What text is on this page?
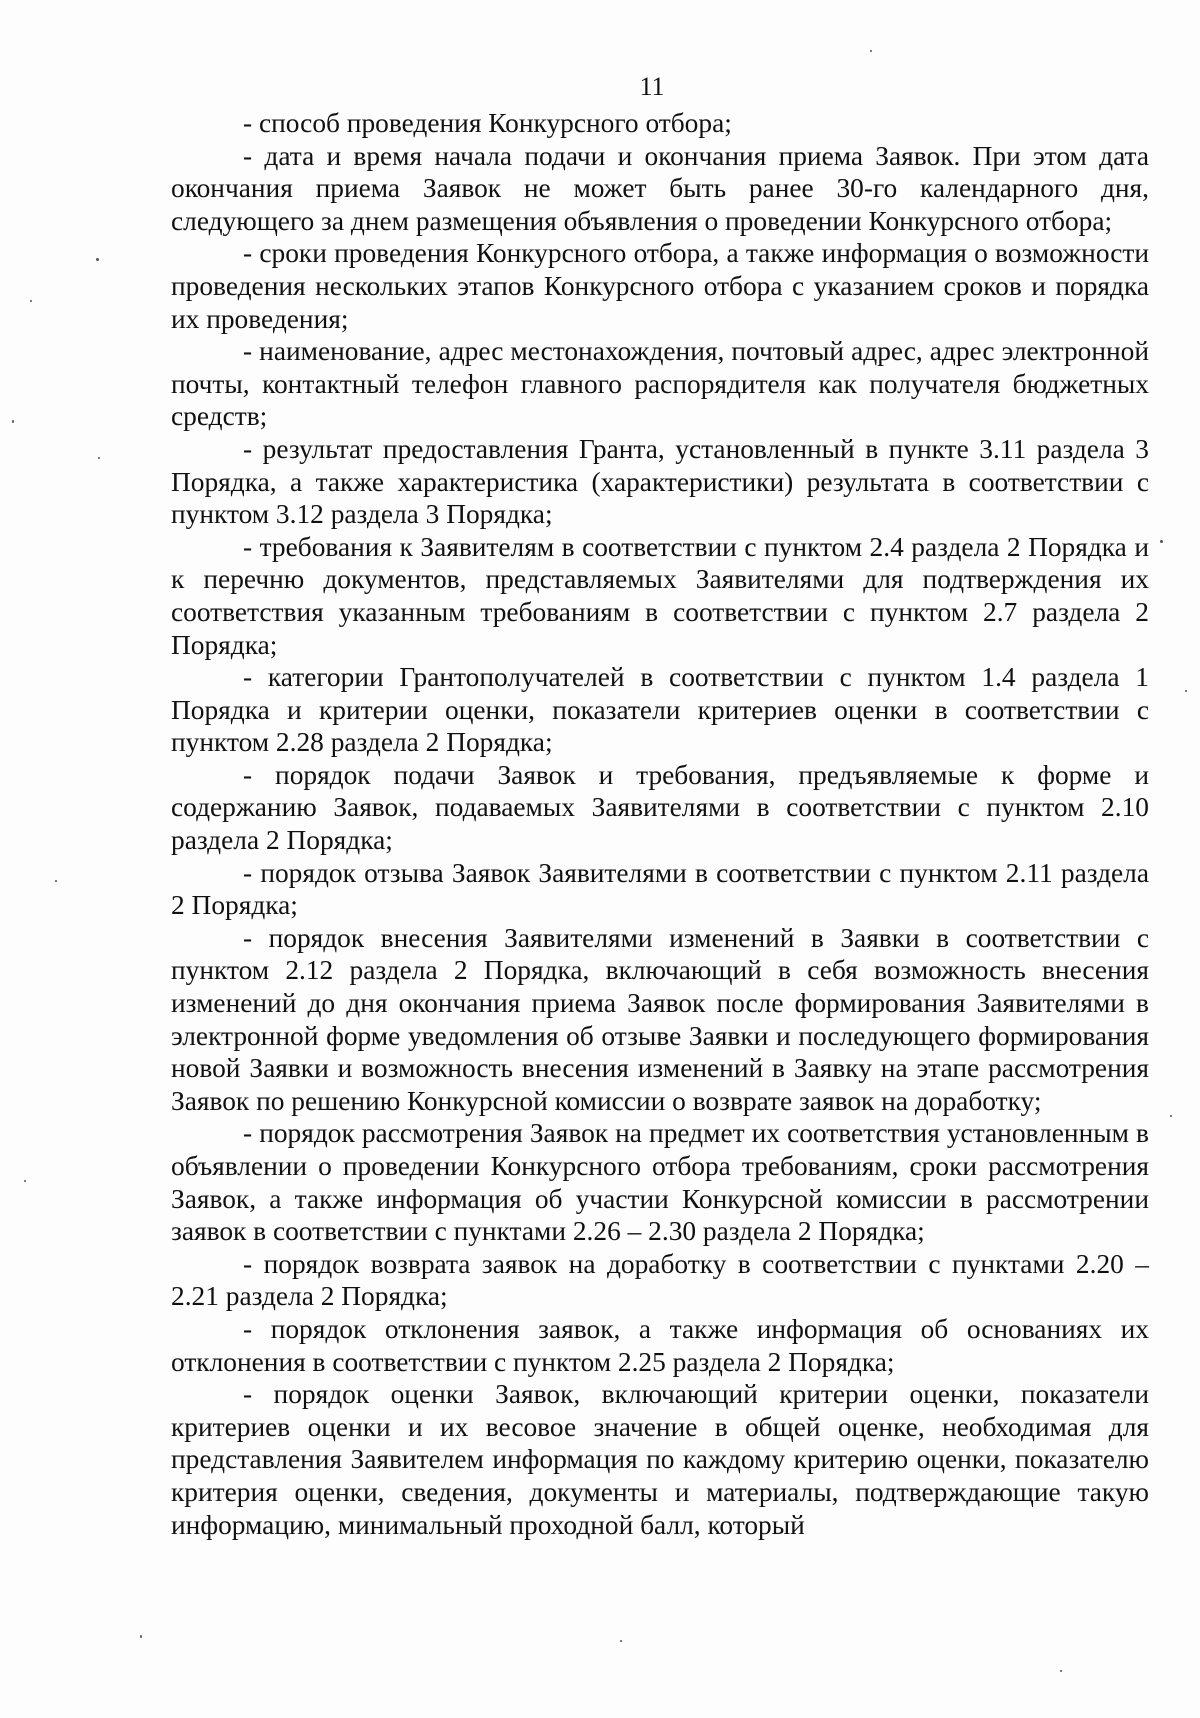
11

- способ проведения Конкурсного отбора;

- дата и время начала подачи и окончания приема Заявок. При этом дата окончания приема Заявок не может быть ранее 30-го календарного дня, следующего за днем размещения объявления о проведении Конкурсного отбора;

- сроки проведения Конкурсного отбора, а также информация о возможности проведения нескольких этапов Конкурсного отбора с указанием сроков и порядка их проведения;

- наименование, адрес местонахождения, почтовый адрес, адрес электронной почты, контактный телефон главного распорядителя как получателя бюджетных средств;

- результат предоставления Гранта, установленный в пункте 3.11 раздела 3 Порядка, а также характеристика (характеристики) результата в соответствии с пунктом 3.12 раздела 3 Порядка;

- требования к Заявителям в соответствии с пунктом 2.4 раздела 2 Порядка и к перечню документов, представляемых Заявителями для подтверждения их соответствия указанным требованиям в соответствии с пунктом 2.7 раздела 2 Порядка;

- категории Грантополучателей в соответствии с пунктом 1.4 раздела 1 Порядка и критерии оценки, показатели критериев оценки в соответствии с пунктом 2.28 раздела 2 Порядка;

- порядок подачи Заявок и требования, предъявляемые к форме и содержанию Заявок, подаваемых Заявителями в соответствии с пунктом 2.10 раздела 2 Порядка;

- порядок отзыва Заявок Заявителями в соответствии с пунктом 2.11 раздела 2 Порядка;

- порядок внесения Заявителями изменений в Заявки в соответствии с пунктом 2.12 раздела 2 Порядка, включающий в себя возможность внесения изменений до дня окончания приема Заявок после формирования Заявителями в электронной форме уведомления об отзыве Заявки и последующего формирования новой Заявки и возможность внесения изменений в Заявку на этапе рассмотрения Заявок по решению Конкурсной комиссии о возврате заявок на доработку;

- порядок рассмотрения Заявок на предмет их соответствия установленным в объявлении о проведении Конкурсного отбора требованиям, сроки рассмотрения Заявок, а также информация об участии Конкурсной комиссии в рассмотрении заявок в соответствии с пунктами 2.26 – 2.30 раздела 2 Порядка;

- порядок возврата заявок на доработку в соответствии с пунктами 2.20 – 2.21 раздела 2 Порядка;

- порядок отклонения заявок, а также информация об основаниях их отклонения в соответствии с пунктом 2.25 раздела 2 Порядка;

- порядок оценки Заявок, включающий критерии оценки, показатели критериев оценки и их весовое значение в общей оценке, необходимая для представления Заявителем информация по каждому критерию оценки, показателю критерия оценки, сведения, документы и материалы, подтверждающие такую информацию, минимальный проходной балл, который
